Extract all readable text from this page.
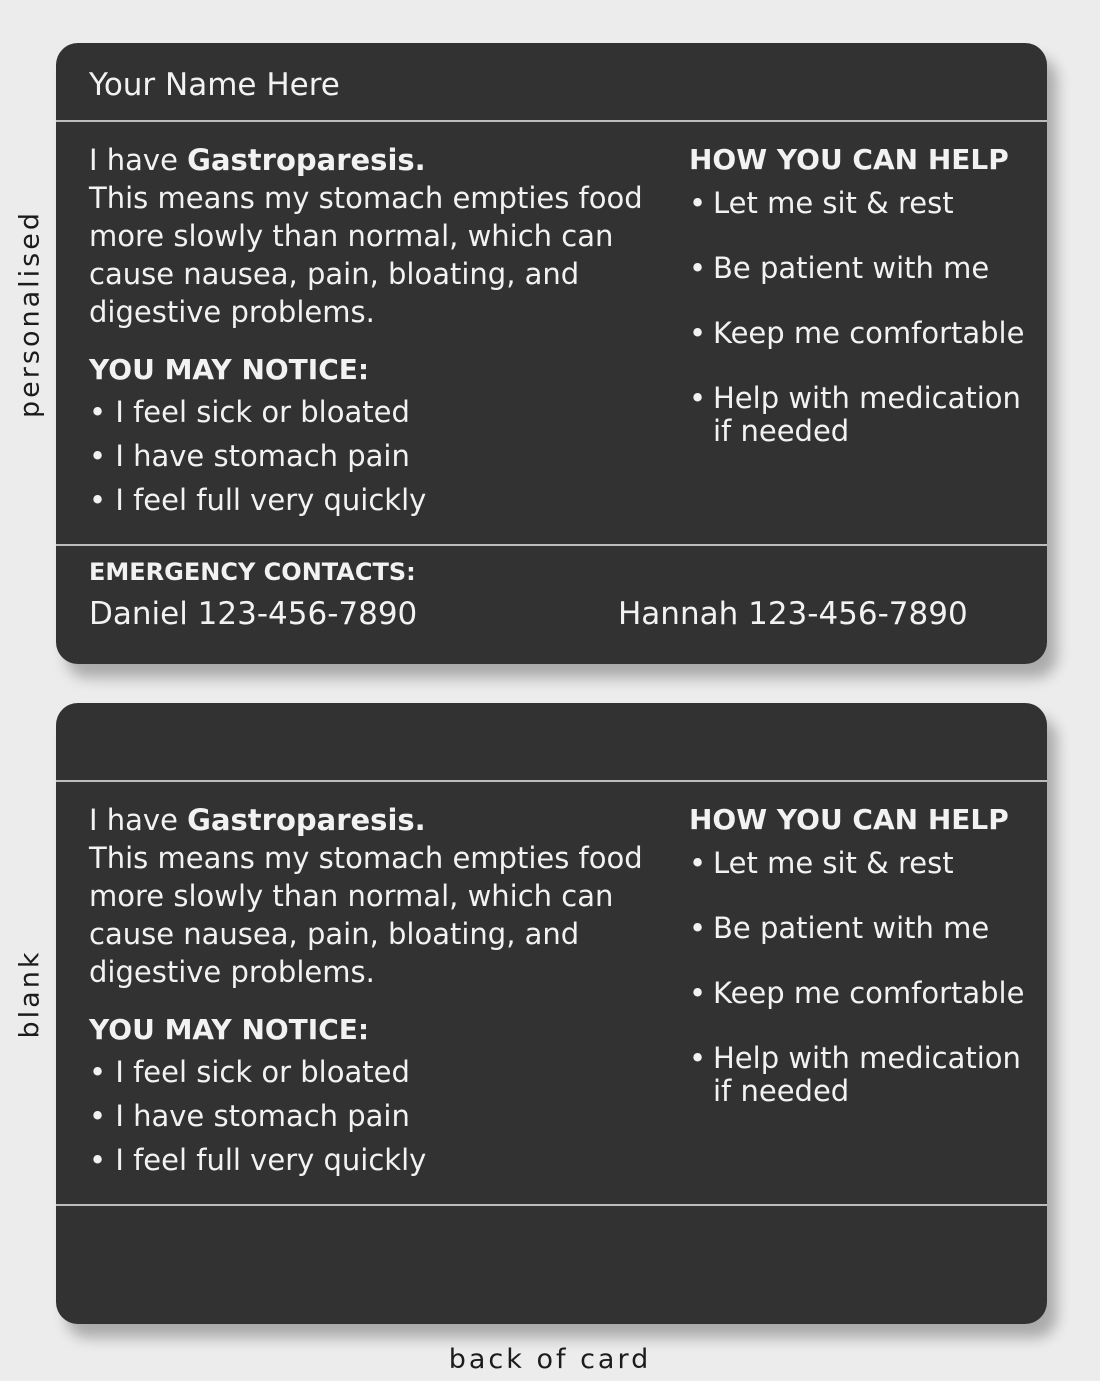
personalised
blank
Your Name Here
I have Gastroparesis.
This means my stomach empties food more slowly than normal, which can cause nausea, pain, bloating, and digestive problems.
YOU MAY NOTICE:
• I feel sick or bloated
• I have stomach pain
• I feel full very quickly
HOW YOU CAN HELP
• Let me sit & rest
• Be patient with me
• Keep me comfortable
• Help with medication if needed
EMERGENCY CONTACTS:
Daniel 123-456-7890	Hannah 123-456-7890
I have Gastroparesis.
This means my stomach empties food more slowly than normal, which can cause nausea, pain, bloating, and digestive problems.
YOU MAY NOTICE:
• I feel sick or bloated
• I have stomach pain
• I feel full very quickly
HOW YOU CAN HELP
• Let me sit & rest
• Be patient with me
• Keep me comfortable
• Help with medication if needed
back of card
